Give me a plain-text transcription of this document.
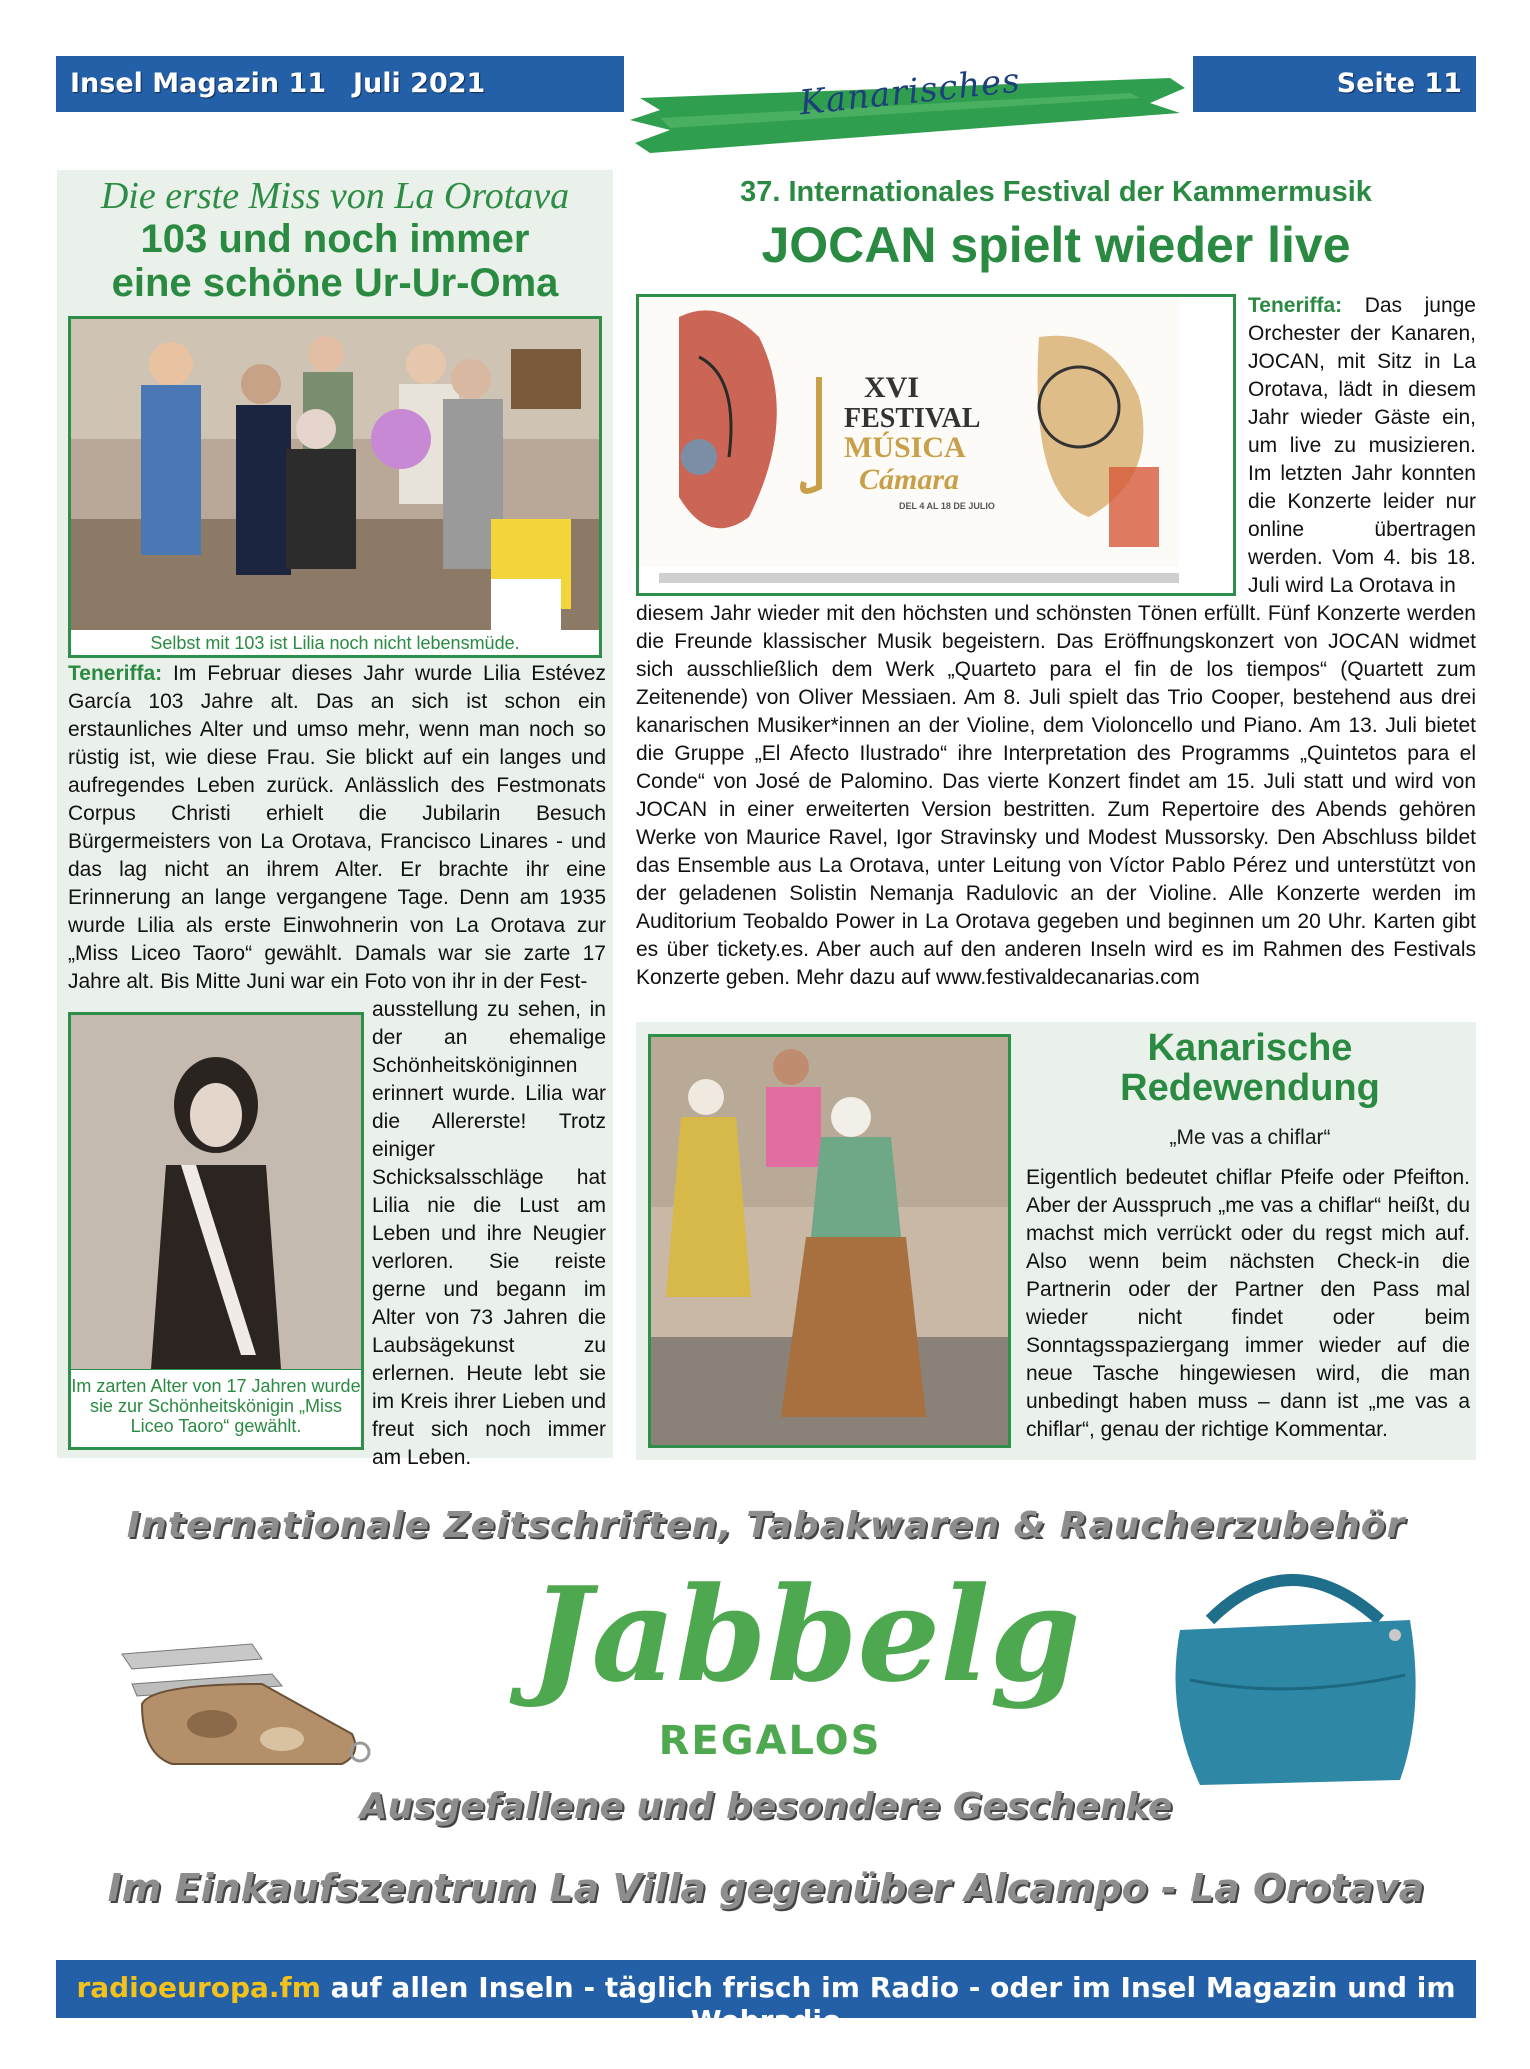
Insel Magazin 11 Juli 2021	Kanarisches	Seite 11
Die erste Miss von La Orotava
103 und noch immer
eine schöne Ur-Ur-Oma
Selbst mit 103 ist Lilia noch nicht lebensmüde.
Teneriffa: Im Februar dieses Jahr wurde Lilia Estévez García 103 Jahre alt. Das an sich ist schon ein erstaunliches Alter und umso mehr, wenn man noch so rüstig ist, wie diese Frau. Sie blickt auf ein langes und aufregendes Leben zurück. Anlässlich des Festmonats Corpus Christi erhielt die Jubilarin Besuch Bürgermeisters von La Orotava, Francisco Linares - und das lag nicht an ihrem Alter. Er brachte ihr eine Erinnerung an lange vergangene Tage. Denn am 1935 wurde Lilia als erste Einwohnerin von La Orotava zur „Miss Liceo Taoro“ gewählt. Damals war sie zarte 17 Jahre alt. Bis Mitte Juni war ein Foto von ihr in der Fest-
Im zarten Alter von 17 Jahren wurde sie zur Schönheitskönigin „Miss Liceo Taoro“ gewählt.
ausstellung zu sehen, in der an ehemalige Schönheitsköniginnen erinnert wurde. Lilia war die Allererste! Trotz einiger Schicksalsschläge hat Lilia nie die Lust am Leben und ihre Neugier verloren. Sie reiste gerne und begann im Alter von 73 Jahren die Laubsägekunst zu erlernen. Heute lebt sie im Kreis ihrer Lieben und freut sich noch immer am Leben.
37. Internationales Festival der Kammermusik
JOCAN spielt wieder live
XVI
FESTIVAL
MÚSICA
Cámara
DEL 4 AL 18 DE JULIO
Teneriffa: Das junge Orchester der Kanaren, JOCAN, mit Sitz in La Orotava, lädt in diesem Jahr wieder Gäste ein, um live zu musizieren. Im letzten Jahr konnten die Konzerte leider nur online übertragen werden. Vom 4. bis 18. Juli wird La Orotava in
diesem Jahr wieder mit den höchsten und schönsten Tönen erfüllt. Fünf Konzerte werden die Freunde klassischer Musik begeistern. Das Eröffnungskonzert von JOCAN widmet sich ausschließlich dem Werk „Quarteto para el fin de los tiempos“ (Quartett zum Zeitenende) von Oliver Messiaen. Am 8. Juli spielt das Trio Cooper, bestehend aus drei kanarischen Musiker*innen an der Violine, dem Violoncello und Piano. Am 13. Juli bietet die Gruppe „El Afecto Ilustrado“ ihre Interpretation des Programms „Quintetos para el Conde“ von José de Palomino. Das vierte Konzert findet am 15. Juli statt und wird von JOCAN in einer erweiterten Version bestritten. Zum Repertoire des Abends gehören Werke von Maurice Ravel, Igor Stravinsky und Modest Mussorsky. Den Abschluss bildet das Ensemble aus La Orotava, unter Leitung von Víctor Pablo Pérez und unterstützt von der geladenen Solistin Nemanja Radulovic an der Violine. Alle Konzerte werden im Auditorium Teobaldo Power in La Orotava gegeben und beginnen um 20 Uhr. Karten gibt es über tickety.es. Aber auch auf den anderen Inseln wird es im Rahmen des Festivals Konzerte geben. Mehr dazu auf www.festivaldecanarias.com
Kanarische
Redewendung
„Me vas a chiflar“
Eigentlich bedeutet chiflar Pfeife oder Pfeifton. Aber der Ausspruch „me vas a chiflar“ heißt, du machst mich verrückt oder du regst mich auf. Also wenn beim nächsten Check-in die Partnerin oder der Partner den Pass mal wieder nicht findet oder beim Sonntagsspaziergang immer wieder auf die neue Tasche hingewiesen wird, die man unbedingt haben muss – dann ist „me vas a chiflar“, genau der richtige Kommentar.
Internationale Zeitschriften, Tabakwaren & Raucherzubehör
Jabbelg
REGALOS
Ausgefallene und besondere Geschenke
Im Einkaufszentrum La Villa gegenüber Alcampo - La Orotava
radioeuropa.fm auf allen Inseln - täglich frisch im Radio - oder im Insel Magazin und im Webradio
